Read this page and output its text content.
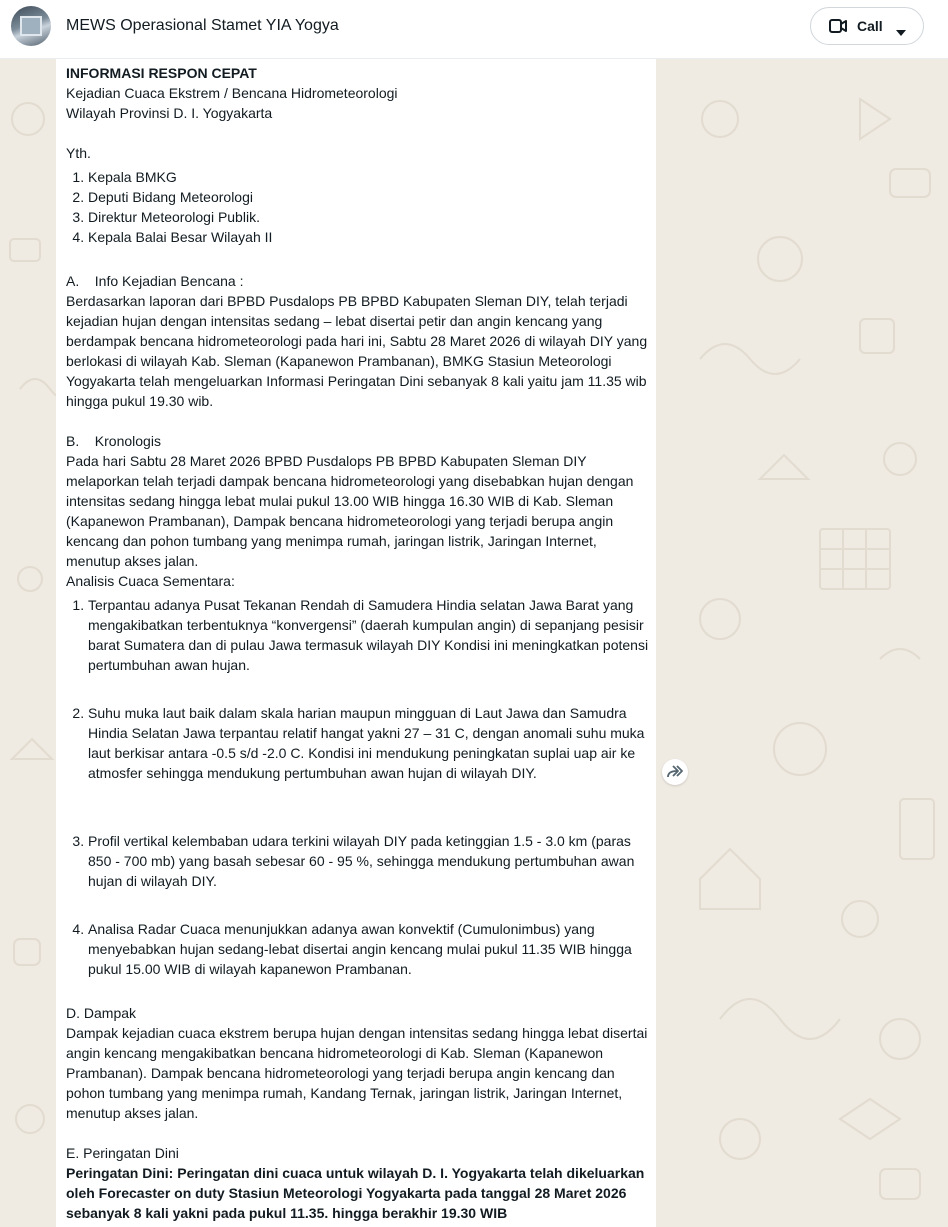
MEWS Operasional Stamet YIA Yogya	Call

INFORMASI RESPON CEPAT

Kejadian Cuaca Ekstrem / Bencana Hidrometeorologi

Wilayah Provinsi D. I. Yogyakarta

Yth.

1. Kepala BMKG
2. Deputi Bidang Meteorologi
3. Direktur Meteorologi Publik.
4. Kepala Balai Besar Wilayah II

A.    Info Kejadian Bencana :

Berdasarkan laporan dari BPBD Pusdalops PB BPBD Kabupaten Sleman DIY, telah terjadi kejadian hujan dengan intensitas sedang – lebat disertai petir dan angin kencang yang berdampak bencana hidrometeorologi pada hari ini, Sabtu 28 Maret 2026 di wilayah DIY yang berlokasi di wilayah Kab. Sleman (Kapanewon Prambanan), BMKG Stasiun Meteorologi Yogyakarta telah mengeluarkan Informasi Peringatan Dini sebanyak 8 kali yaitu jam 11.35 wib hingga pukul 19.30 wib.

B.    Kronologis

Pada hari Sabtu 28 Maret 2026 BPBD Pusdalops PB BPBD Kabupaten Sleman DIY melaporkan telah terjadi dampak bencana hidrometeorologi yang disebabkan hujan dengan intensitas sedang hingga lebat mulai pukul 13.00 WIB hingga 16.30 WIB di Kab. Sleman (Kapanewon Prambanan), Dampak bencana hidrometeorologi yang terjadi berupa angin kencang dan pohon tumbang yang menimpa rumah, jaringan listrik, Jaringan Internet, menutup akses jalan.

Analisis Cuaca Sementara:

1. Terpantau adanya Pusat Tekanan Rendah di Samudera Hindia selatan Jawa Barat yang mengakibatkan terbentuknya “konvergensi” (daerah kumpulan angin) di sepanjang pesisir barat Sumatera dan di pulau Jawa termasuk wilayah DIY Kondisi ini meningkatkan potensi pertumbuhan awan hujan.
2. Suhu muka laut baik dalam skala harian maupun mingguan di Laut Jawa dan Samudra Hindia Selatan Jawa terpantau relatif hangat yakni 27 – 31 C, dengan anomali suhu muka laut berkisar antara -0.5 s/d -2.0 C. Kondisi ini mendukung peningkatan suplai uap air ke atmosfer sehingga mendukung pertumbuhan awan hujan di wilayah DIY.
3. Profil vertikal kelembaban udara terkini wilayah DIY pada ketinggian 1.5 - 3.0 km (paras 850 - 700 mb) yang basah sebesar 60 - 95 %, sehingga mendukung pertumbuhan awan hujan di wilayah DIY.
4. Analisa Radar Cuaca menunjukkan adanya awan konvektif (Cumulonimbus) yang menyebabkan hujan sedang-lebat disertai angin kencang mulai pukul 11.35 WIB hingga pukul 15.00 WIB di wilayah kapanewon Prambanan.

D. Dampak

Dampak kejadian cuaca ekstrem berupa hujan dengan intensitas sedang hingga lebat disertai angin kencang mengakibatkan bencana hidrometeorologi di Kab. Sleman (Kapanewon Prambanan). Dampak bencana hidrometeorologi yang terjadi berupa angin kencang dan pohon tumbang yang menimpa rumah, Kandang Ternak, jaringan listrik, Jaringan Internet, menutup akses jalan.

E. Peringatan Dini

Peringatan Dini: Peringatan dini cuaca untuk wilayah D. I. Yogyakarta telah dikeluarkan oleh Forecaster on duty Stasiun Meteorologi Yogyakarta pada tanggal 28 Maret 2026 sebanyak 8 kali yakni pada pukul 11.35. hingga berakhir 19.30 WIB
